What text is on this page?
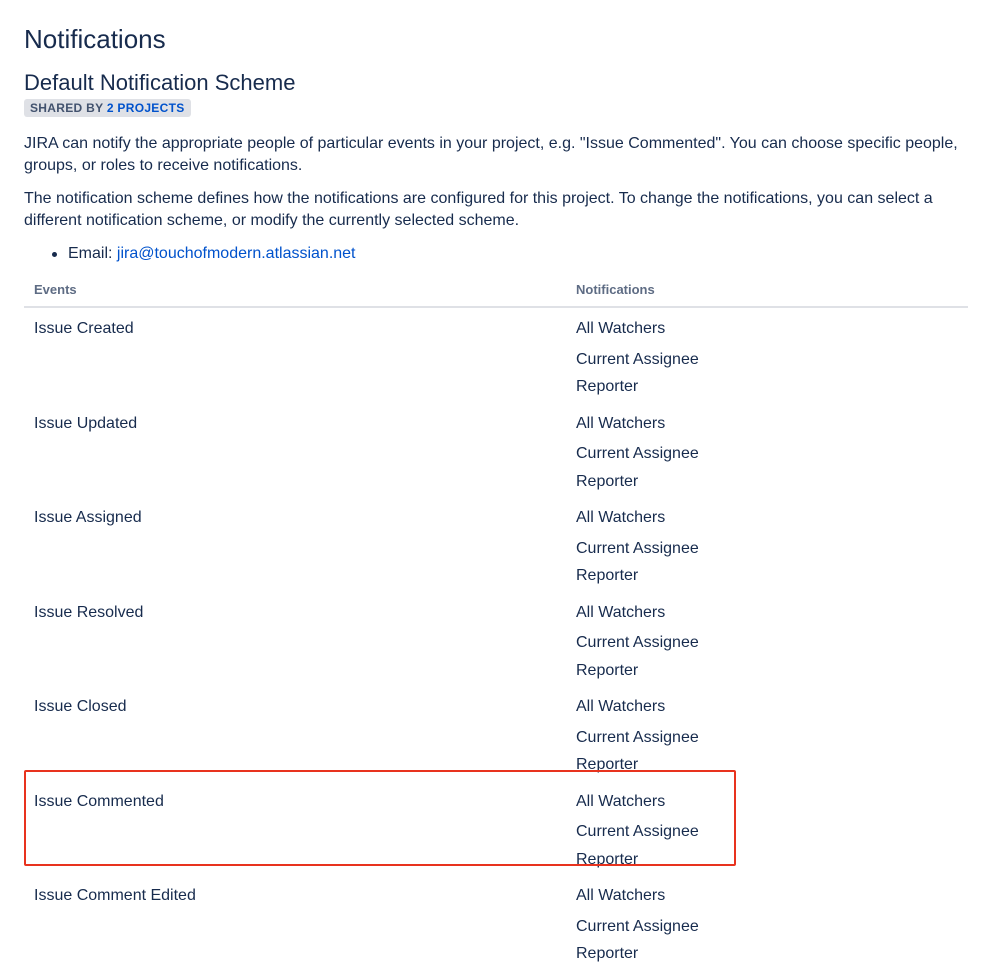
Notifications
Default Notification Scheme
SHARED BY 2 PROJECTS

JIRA can notify the appropriate people of particular events in your project, e.g. "Issue Commented". You can choose specific people, groups, or roles to receive notifications.

The notification scheme defines how the notifications are configured for this project. To change the notifications, you can select a different notification scheme, or modify the currently selected scheme.

Email: jira@touchofmodern.atlassian.net
Events	Notifications
Issue Created	All Watchers
Current Assignee
Reporter
Issue Updated	All Watchers
Current Assignee
Reporter
Issue Assigned	All Watchers
Current Assignee
Reporter
Issue Resolved	All Watchers
Current Assignee
Reporter
Issue Closed	All Watchers
Current Assignee
Reporter
Issue Commented	All Watchers
Current Assignee
Reporter
Issue Comment Edited	All Watchers
Current Assignee
Reporter
